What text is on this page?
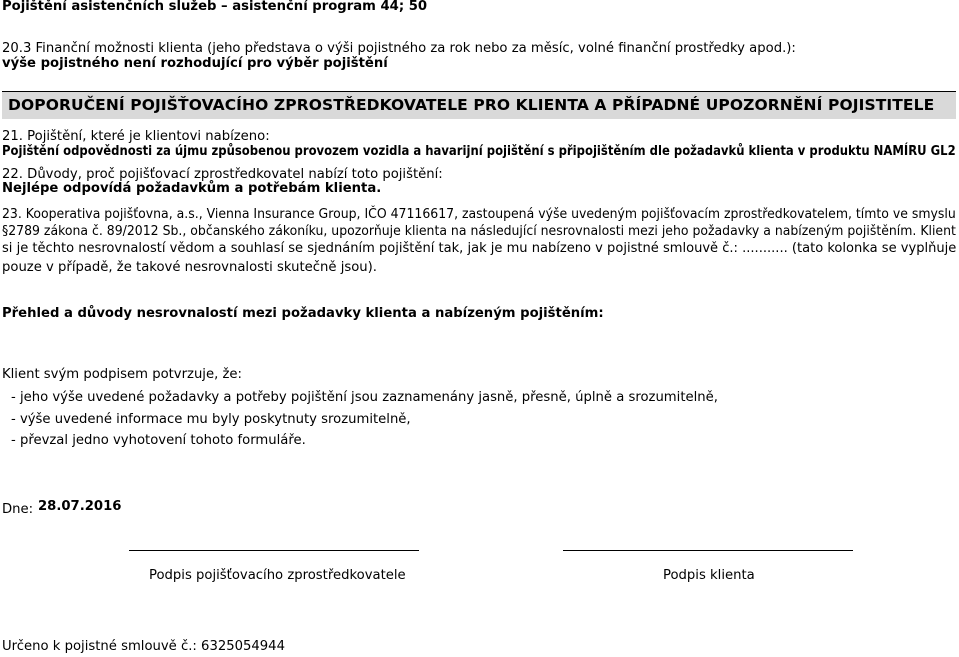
Pojištění asistenčních služeb – asistenční program 44; 50
20.3 Finanční možnosti klienta (jeho představa o výši pojistného za rok nebo za měsíc, volné finanční prostředky apod.):
výše pojistného není rozhodující pro výběr pojištění
DOPORUČENÍ POJIŠŤOVACÍHO ZPROSTŘEDKOVATELE PRO KLIENTA A PŘÍPADNÉ UPOZORNĚNÍ POJISTITELE
21. Pojištění, které je klientovi nabízeno:
Pojištění odpovědnosti za újmu způsobenou provozem vozidla a havarijní pojištění s připojištěním dle požadavků klienta v produktu NAMÍRU GL2
22. Důvody, proč pojišťovací zprostředkovatel nabízí toto pojištění:
Nejlépe odpovídá požadavkům a potřebám klienta.
23. Kooperativa pojišťovna, a.s., Vienna Insurance Group, IČO 47116617, zastoupená výše uvedeným pojišťovacím zprostředkovatelem, tímto ve smyslu
§2789 zákona č. 89/2012 Sb., občanského zákoníku, upozorňuje klienta na následující nesrovnalosti mezi jeho požadavky a nabízeným pojištěním. Klient
si je těchto nesrovnalostí vědom a souhlasí se sjednáním pojištění tak, jak je mu nabízeno v pojistné smlouvě č.: ........... (tato kolonka se vyplňuje
pouze v případě, že takové nesrovnalosti skutečně jsou).
Přehled a důvody nesrovnalostí mezi požadavky klienta a nabízeným pojištěním:
Klient svým podpisem potvrzuje, že:
- jeho výše uvedené požadavky a potřeby pojištění jsou zaznamenány jasně, přesně, úplně a srozumitelně,
- výše uvedené informace mu byly poskytnuty srozumitelně,
- převzal jedno vyhotovení tohoto formuláře.
Dne: 28.07.2016
Podpis pojišťovacího zprostředkovatele	Podpis klienta
Určeno k pojistné smlouvě č.: 6325054944
